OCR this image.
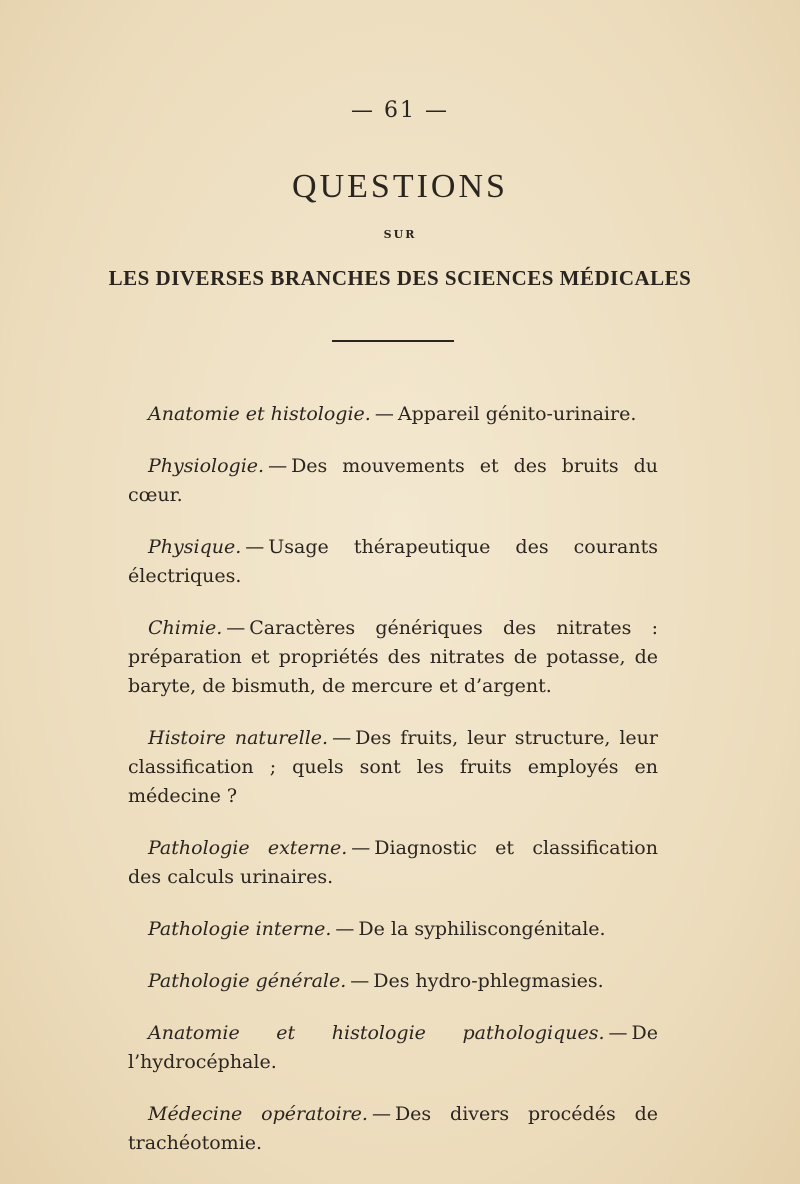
— 61 —
QUESTIONS
SUR
LES DIVERSES BRANCHES DES SCIENCES MÉDICALES
Anatomie et histologie. — Appareil génito-urinaire.
Physiologie. — Des mouvements et des bruits du cœur.
Physique. — Usage thérapeutique des courants électriques.
Chimie. — Caractères génériques des nitrates : préparation et propriétés des nitrates de potasse, de baryte, de bismuth, de mercure et d’argent.
Histoire naturelle. — Des fruits, leur structure, leur classification ; quels sont les fruits employés en médecine ?
Pathologie externe. — Diagnostic et classification des calculs urinaires.
Pathologie interne. — De la syphiliscongénitale.
Pathologie générale. — Des hydro-phlegmasies.
Anatomie et histologie pathologiques. — De l’hydrocéphale.
Médecine opératoire. — Des divers procédés de trachéotomie.
